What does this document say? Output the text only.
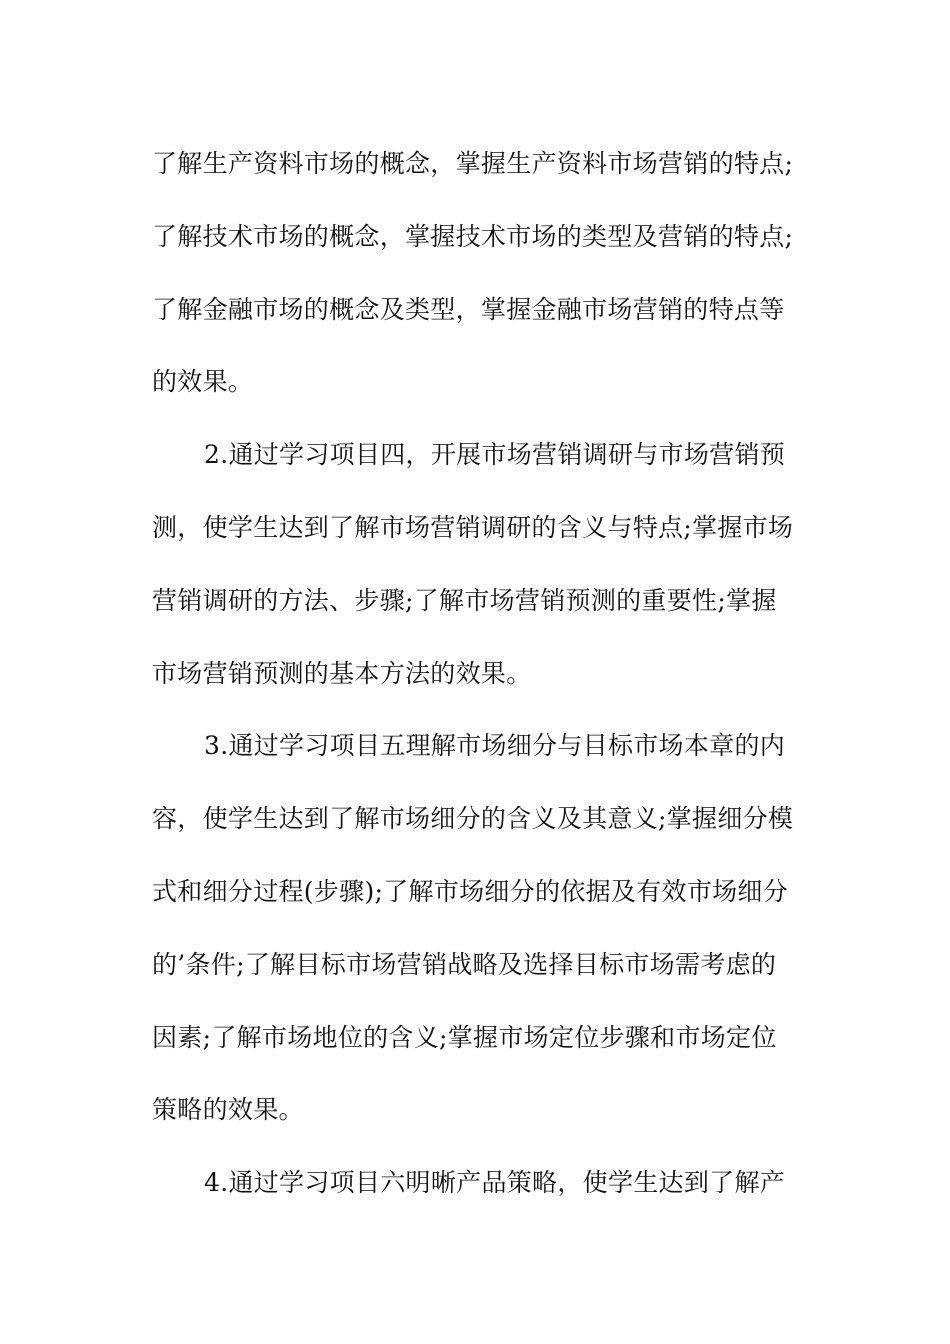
了解生产资料市场的概念，掌握生产资料市场营销的特点;
了解技术市场的概念，掌握技术市场的类型及营销的特点;
了解金融市场的概念及类型，掌握金融市场营销的特点等
的效果。
2.通过学习项目四，开展市场营销调研与市场营销预
测，使学生达到了解市场营销调研的含义与特点;掌握市场
营销调研的方法、步骤;了解市场营销预测的重要性;掌握
市场营销预测的基本方法的效果。
3.通过学习项目五理解市场细分与目标市场本章的内
容，使学生达到了解市场细分的含义及其意义;掌握细分模
式和细分过程(步骤);了解市场细分的依据及有效市场细分
的’条件;了解目标市场营销战略及选择目标市场需考虑的
因素;了解市场地位的含义;掌握市场定位步骤和市场定位
策略的效果。
4.通过学习项目六明晰产品策略，使学生达到了解产
